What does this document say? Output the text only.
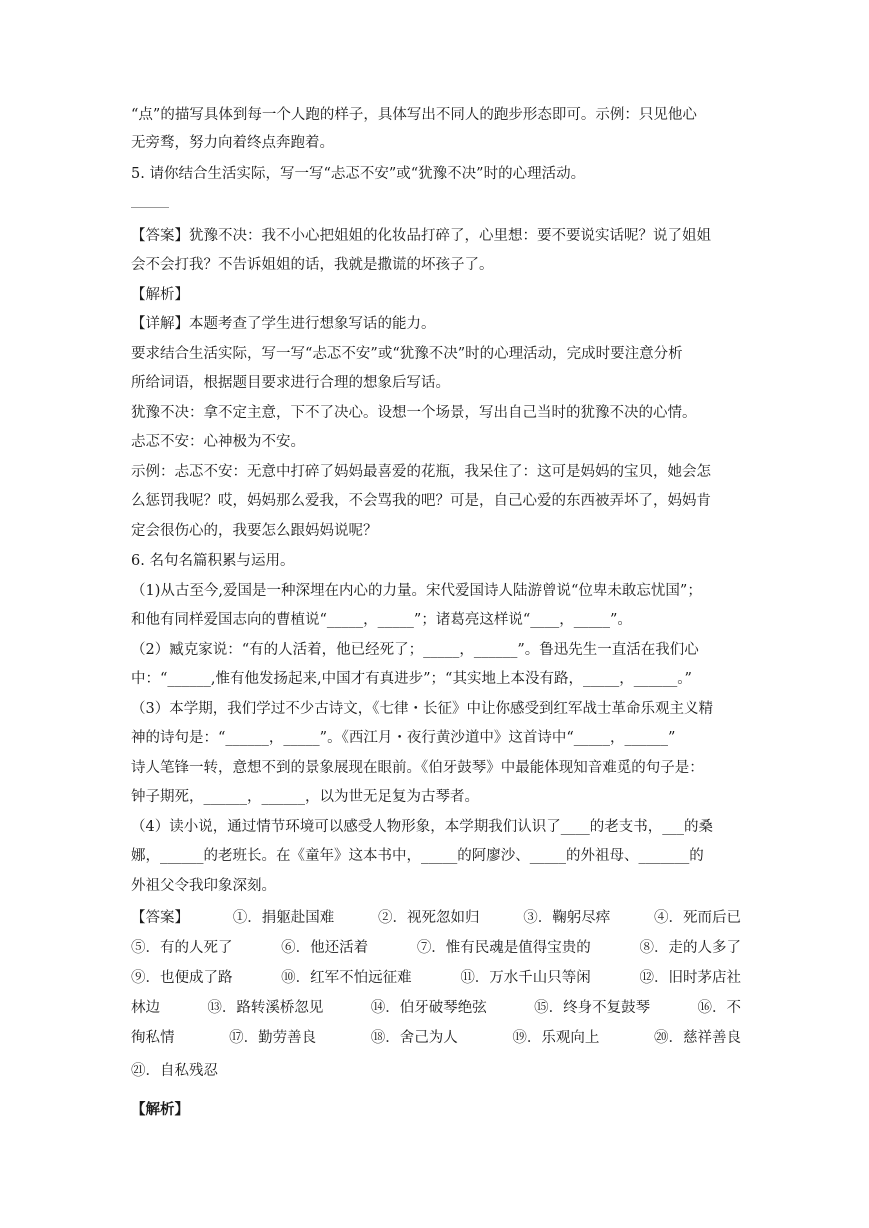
“点”的描写具体到每一个人跑的样子，具体写出不同人的跑步形态即可。示例：只见他心
无旁骛，努力向着终点奔跑着。
5. 请你结合生活实际，写一写“忐忑不安”或“犹豫不决”时的心理活动。
【答案】犹豫不决：我不小心把姐姐的化妆品打碎了，心里想：要不要说实话呢？说了姐姐
会不会打我？不告诉姐姐的话，我就是撒谎的坏孩子了。
【解析】
【详解】本题考查了学生进行想象写话的能力。
要求结合生活实际，写一写“忐忑不安”或“犹豫不决”时的心理活动，完成时要注意分析
所给词语，根据题目要求进行合理的想象后写话。
犹豫不决：拿不定主意，下不了决心。设想一个场景，写出自己当时的犹豫不决的心情。
忐忑不安：心神极为不安。
示例：忐忑不安：无意中打碎了妈妈最喜爱的花瓶，我呆住了：这可是妈妈的宝贝，她会怎
么惩罚我呢？哎，妈妈那么爱我，不会骂我的吧？可是，自己心爱的东西被弄坏了，妈妈肯
定会很伤心的，我要怎么跟妈妈说呢？
6. 名句名篇积累与运用。
（1)从古至今,爱国是一种深埋在内心的力量。宋代爱国诗人陆游曾说“位卑未敢忘忧国”；
和他有同样爱国志向的曹植说“_____，_____”；诸葛亮这样说“____，_____”。
（2）臧克家说：“有的人活着，他已经死了；_____，______”。鲁迅先生一直活在我们心
中：“______,惟有他发扬起来,中国才有真进步”；“其实地上本没有路，_____，______。”
（3）本学期，我们学过不少古诗文，《七律・长征》中让你感受到红军战士革命乐观主义精
神的诗句是：“______，_____”。《西江月・夜行黄沙道中》这首诗中“_____，______”
诗人笔锋一转，意想不到的景象展现在眼前。《伯牙鼓琴》中最能体现知音难觅的句子是：
钟子期死，______，______，以为世无足复为古琴者。
（4）读小说，通过情节环境可以感受人物形象，本学期我们认识了____的老支书，___的桑
娜，______的老班长。在《童年》这本书中，_____的阿廖沙、_____的外祖母、_______的
外祖父令我印象深刻。
【答案】	①．捐躯赴国难	②．视死忽如归	③．鞠躬尽瘁	④．死而后已
⑤．有的人死了	⑥．他还活着	⑦．惟有民魂是值得宝贵的	⑧．走的人多了
⑨．也便成了路	⑩．红军不怕远征难	⑪．万水千山只等闲	⑫．旧时茅店社
林边	⑬．路转溪桥忽见	⑭．伯牙破琴绝弦	⑮．终身不复鼓琴	⑯．不
徇私情	⑰．勤劳善良	⑱．舍己为人	⑲．乐观向上	⑳．慈祥善良
㉑．自私残忍
【解析】
